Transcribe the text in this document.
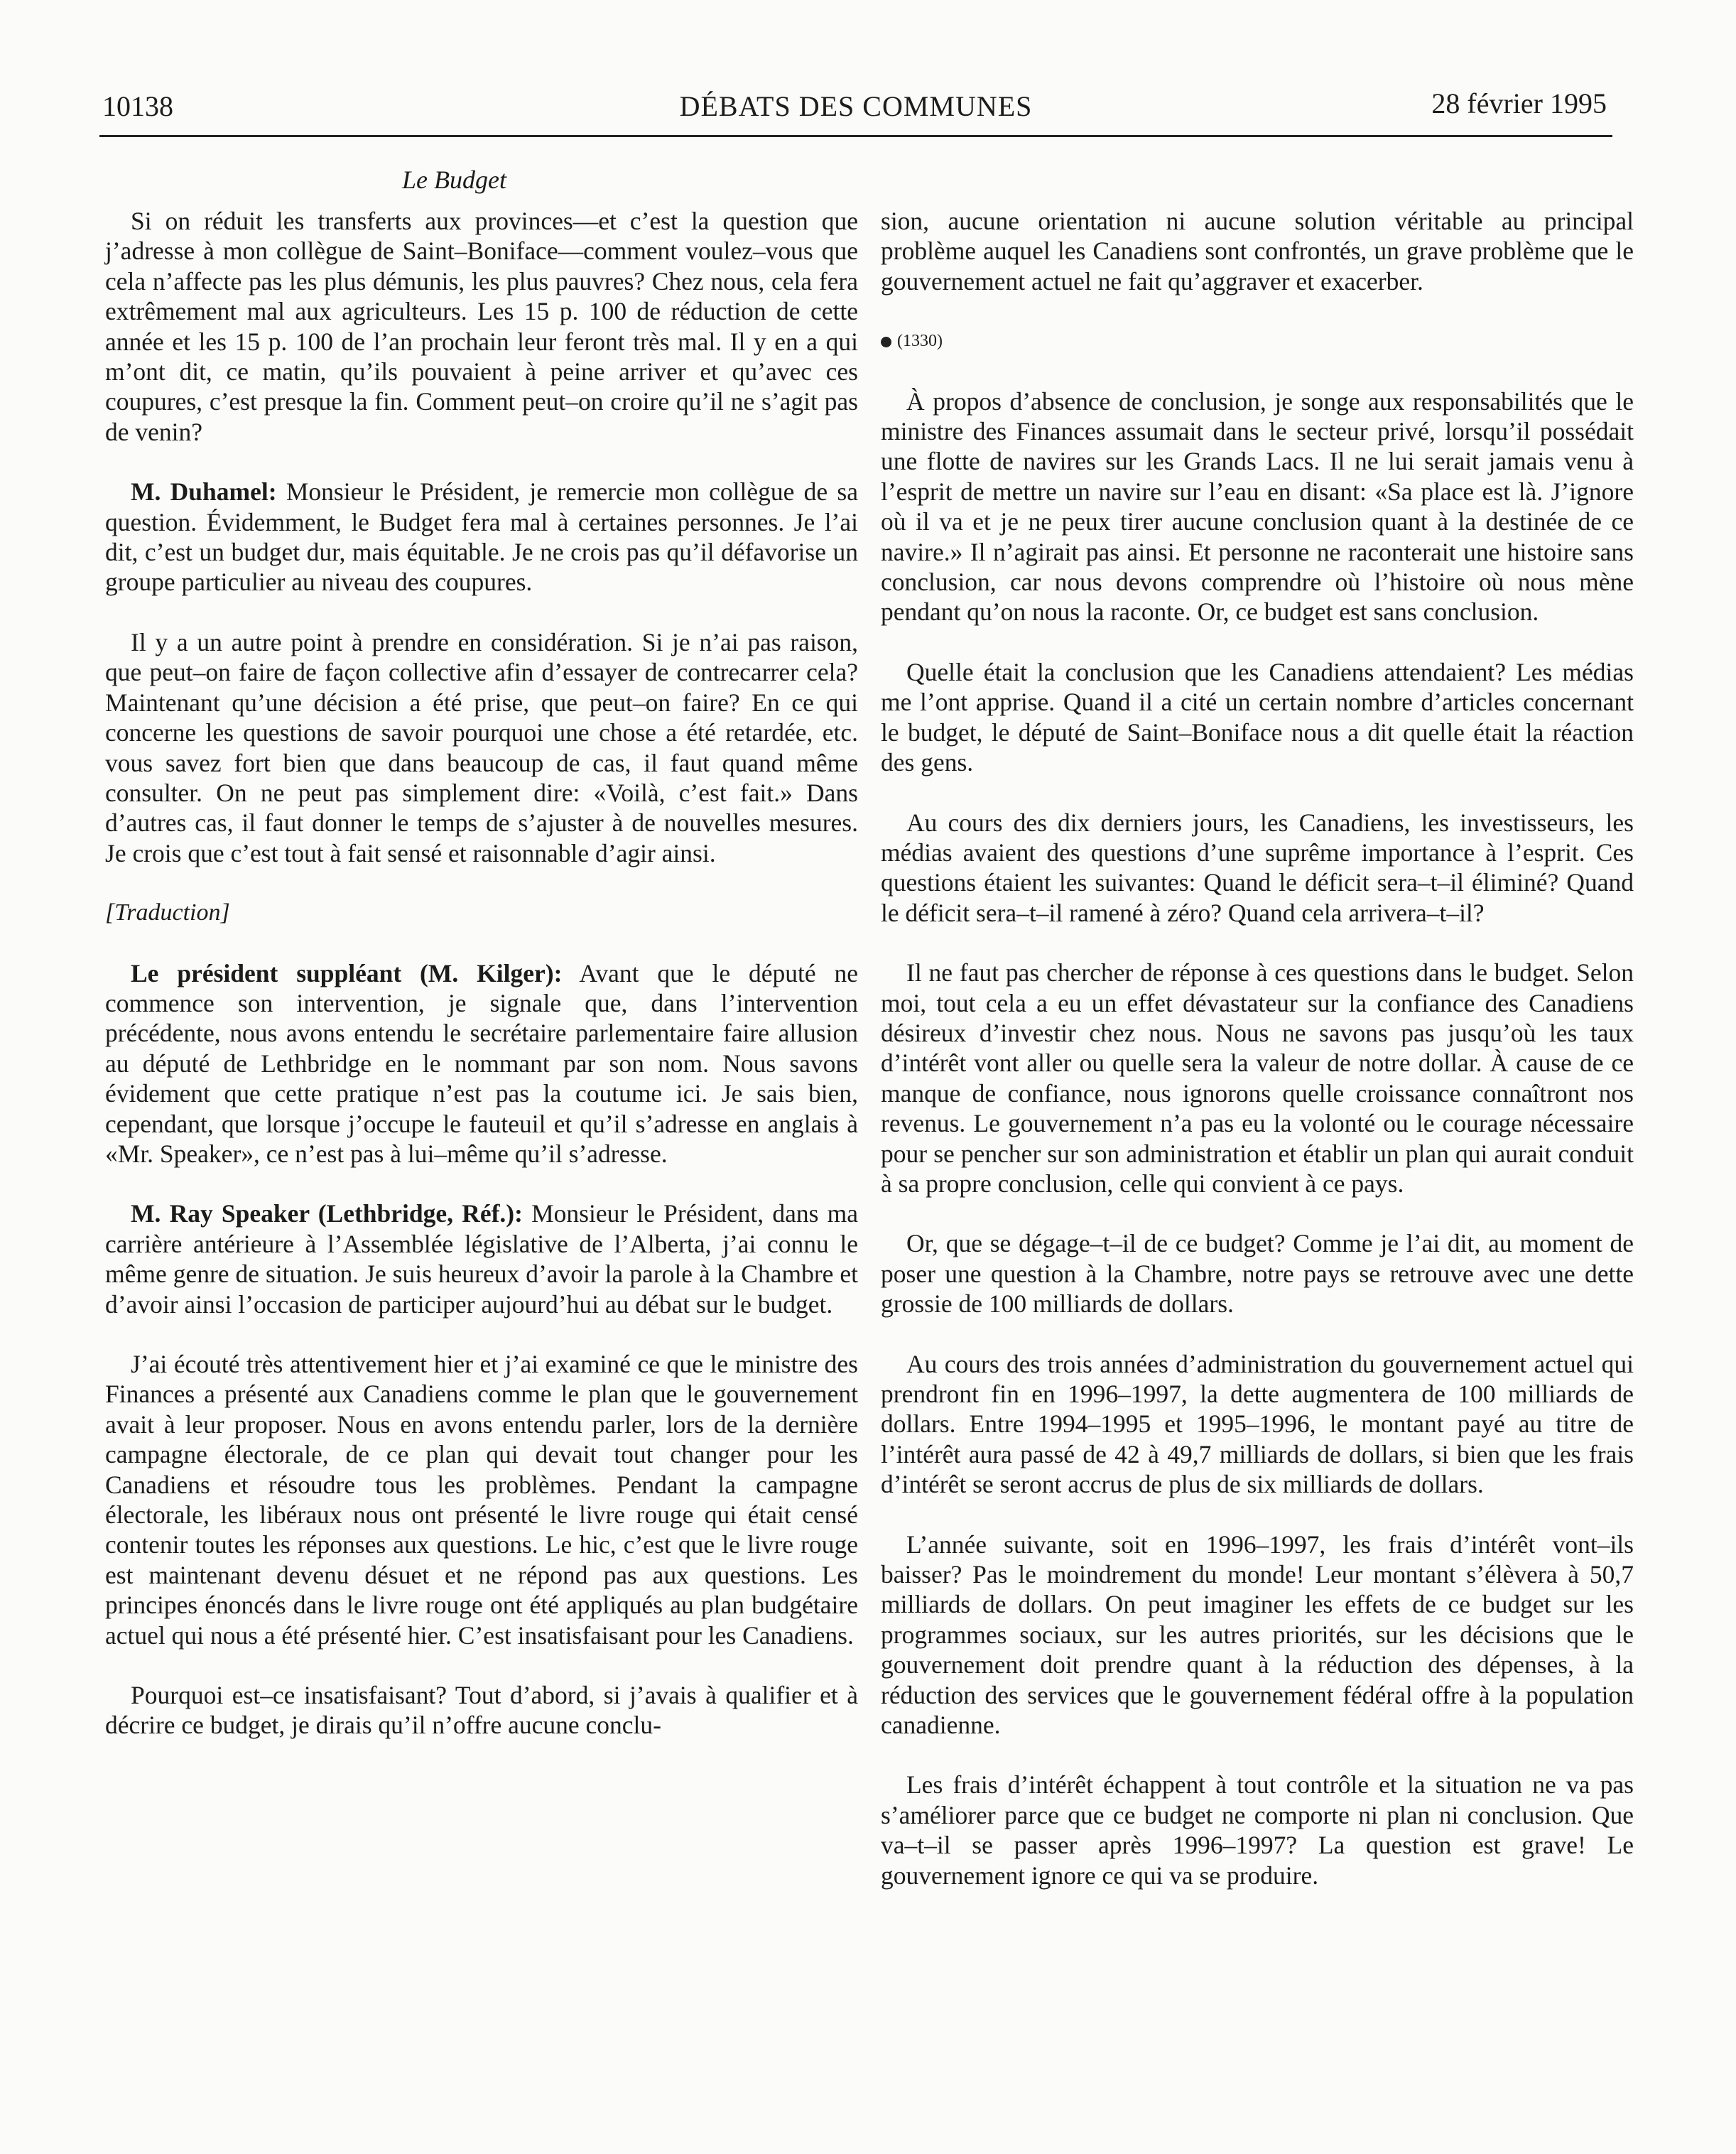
10138	DÉBATS DES COMMUNES	28 février 1995
Le Budget

Si on réduit les transferts aux provinces—et c’est la question que j’adresse à mon collègue de Saint–Boniface—comment voulez–vous que cela n’affecte pas les plus démunis, les plus pauvres? Chez nous, cela fera extrêmement mal aux agriculteurs. Les 15 p. 100 de réduction de cette année et les 15 p. 100 de l’an prochain leur feront très mal. Il y en a qui m’ont dit, ce matin, qu’ils pouvaient à peine arriver et qu’avec ces coupures, c’est presque la fin. Comment peut–on croire qu’il ne s’agit pas de venin?

M. Duhamel: Monsieur le Président, je remercie mon collègue de sa question. Évidemment, le Budget fera mal à certaines personnes. Je l’ai dit, c’est un budget dur, mais équitable. Je ne crois pas qu’il défavorise un groupe particulier au niveau des coupures.

Il y a un autre point à prendre en considération. Si je n’ai pas raison, que peut–on faire de façon collective afin d’essayer de contrecarrer cela? Maintenant qu’une décision a été prise, que peut–on faire? En ce qui concerne les questions de savoir pourquoi une chose a été retardée, etc. vous savez fort bien que dans beaucoup de cas, il faut quand même consulter. On ne peut pas simplement dire: «Voilà, c’est fait.» Dans d’autres cas, il faut donner le temps de s’ajuster à de nouvelles mesures. Je crois que c’est tout à fait sensé et raisonnable d’agir ainsi.

[Traduction]

Le président suppléant (M. Kilger): Avant que le député ne commence son intervention, je signale que, dans l’intervention précédente, nous avons entendu le secrétaire parlementaire faire allusion au député de Lethbridge en le nommant par son nom. Nous savons évidement que cette pratique n’est pas la coutume ici. Je sais bien, cependant, que lorsque j’occupe le fauteuil et qu’il s’adresse en anglais à «Mr. Speaker», ce n’est pas à lui–même qu’il s’adresse.

M. Ray Speaker (Lethbridge, Réf.): Monsieur le Président, dans ma carrière antérieure à l’Assemblée législative de l’Alberta, j’ai connu le même genre de situation. Je suis heureux d’avoir la parole à la Chambre et d’avoir ainsi l’occasion de participer aujourd’hui au débat sur le budget.

J’ai écouté très attentivement hier et j’ai examiné ce que le ministre des Finances a présenté aux Canadiens comme le plan que le gouvernement avait à leur proposer. Nous en avons entendu parler, lors de la dernière campagne électorale, de ce plan qui devait tout changer pour les Canadiens et résoudre tous les problèmes. Pendant la campagne électorale, les libéraux nous ont présenté le livre rouge qui était censé contenir toutes les réponses aux questions. Le hic, c’est que le livre rouge est maintenant devenu désuet et ne répond pas aux questions. Les principes énoncés dans le livre rouge ont été appliqués au plan budgétaire actuel qui nous a été présenté hier. C’est insatisfaisant pour les Canadiens.

Pourquoi est–ce insatisfaisant? Tout d’abord, si j’avais à qualifier et à décrire ce budget, je dirais qu’il n’offre aucune conclu-

sion, aucune orientation ni aucune solution véritable au principal problème auquel les Canadiens sont confrontés, un grave problème que le gouvernement actuel ne fait qu’aggraver et exacerber.

(1330)

À propos d’absence de conclusion, je songe aux responsabilités que le ministre des Finances assumait dans le secteur privé, lorsqu’il possédait une flotte de navires sur les Grands Lacs. Il ne lui serait jamais venu à l’esprit de mettre un navire sur l’eau en disant: «Sa place est là. J’ignore où il va et je ne peux tirer aucune conclusion quant à la destinée de ce navire.» Il n’agirait pas ainsi. Et personne ne raconterait une histoire sans conclusion, car nous devons comprendre où l’histoire où nous mène pendant qu’on nous la raconte. Or, ce budget est sans conclusion.

Quelle était la conclusion que les Canadiens attendaient? Les médias me l’ont apprise. Quand il a cité un certain nombre d’articles concernant le budget, le député de Saint–Boniface nous a dit quelle était la réaction des gens.

Au cours des dix derniers jours, les Canadiens, les investisseurs, les médias avaient des questions d’une suprême importance à l’esprit. Ces questions étaient les suivantes: Quand le déficit sera–t–il éliminé? Quand le déficit sera–t–il ramené à zéro? Quand cela arrivera–t–il?

Il ne faut pas chercher de réponse à ces questions dans le budget. Selon moi, tout cela a eu un effet dévastateur sur la confiance des Canadiens désireux d’investir chez nous. Nous ne savons pas jusqu’où les taux d’intérêt vont aller ou quelle sera la valeur de notre dollar. À cause de ce manque de confiance, nous ignorons quelle croissance connaîtront nos revenus. Le gouvernement n’a pas eu la volonté ou le courage nécessaire pour se pencher sur son administration et établir un plan qui aurait conduit à sa propre conclusion, celle qui convient à ce pays.

Or, que se dégage–t–il de ce budget? Comme je l’ai dit, au moment de poser une question à la Chambre, notre pays se retrouve avec une dette grossie de 100 milliards de dollars.

Au cours des trois années d’administration du gouvernement actuel qui prendront fin en 1996–1997, la dette augmentera de 100 milliards de dollars. Entre 1994–1995 et 1995–1996, le montant payé au titre de l’intérêt aura passé de 42 à 49,7 milliards de dollars, si bien que les frais d’intérêt se seront accrus de plus de six milliards de dollars.

L’année suivante, soit en 1996–1997, les frais d’intérêt vont–ils baisser? Pas le moindrement du monde! Leur montant s’élèvera à 50,7 milliards de dollars. On peut imaginer les effets de ce budget sur les programmes sociaux, sur les autres priorités, sur les décisions que le gouvernement doit prendre quant à la réduction des dépenses, à la réduction des services que le gouvernement fédéral offre à la population canadienne.

Les frais d’intérêt échappent à tout contrôle et la situation ne va pas s’améliorer parce que ce budget ne comporte ni plan ni conclusion. Que va–t–il se passer après 1996–1997? La question est grave! Le gouvernement ignore ce qui va se produire.
